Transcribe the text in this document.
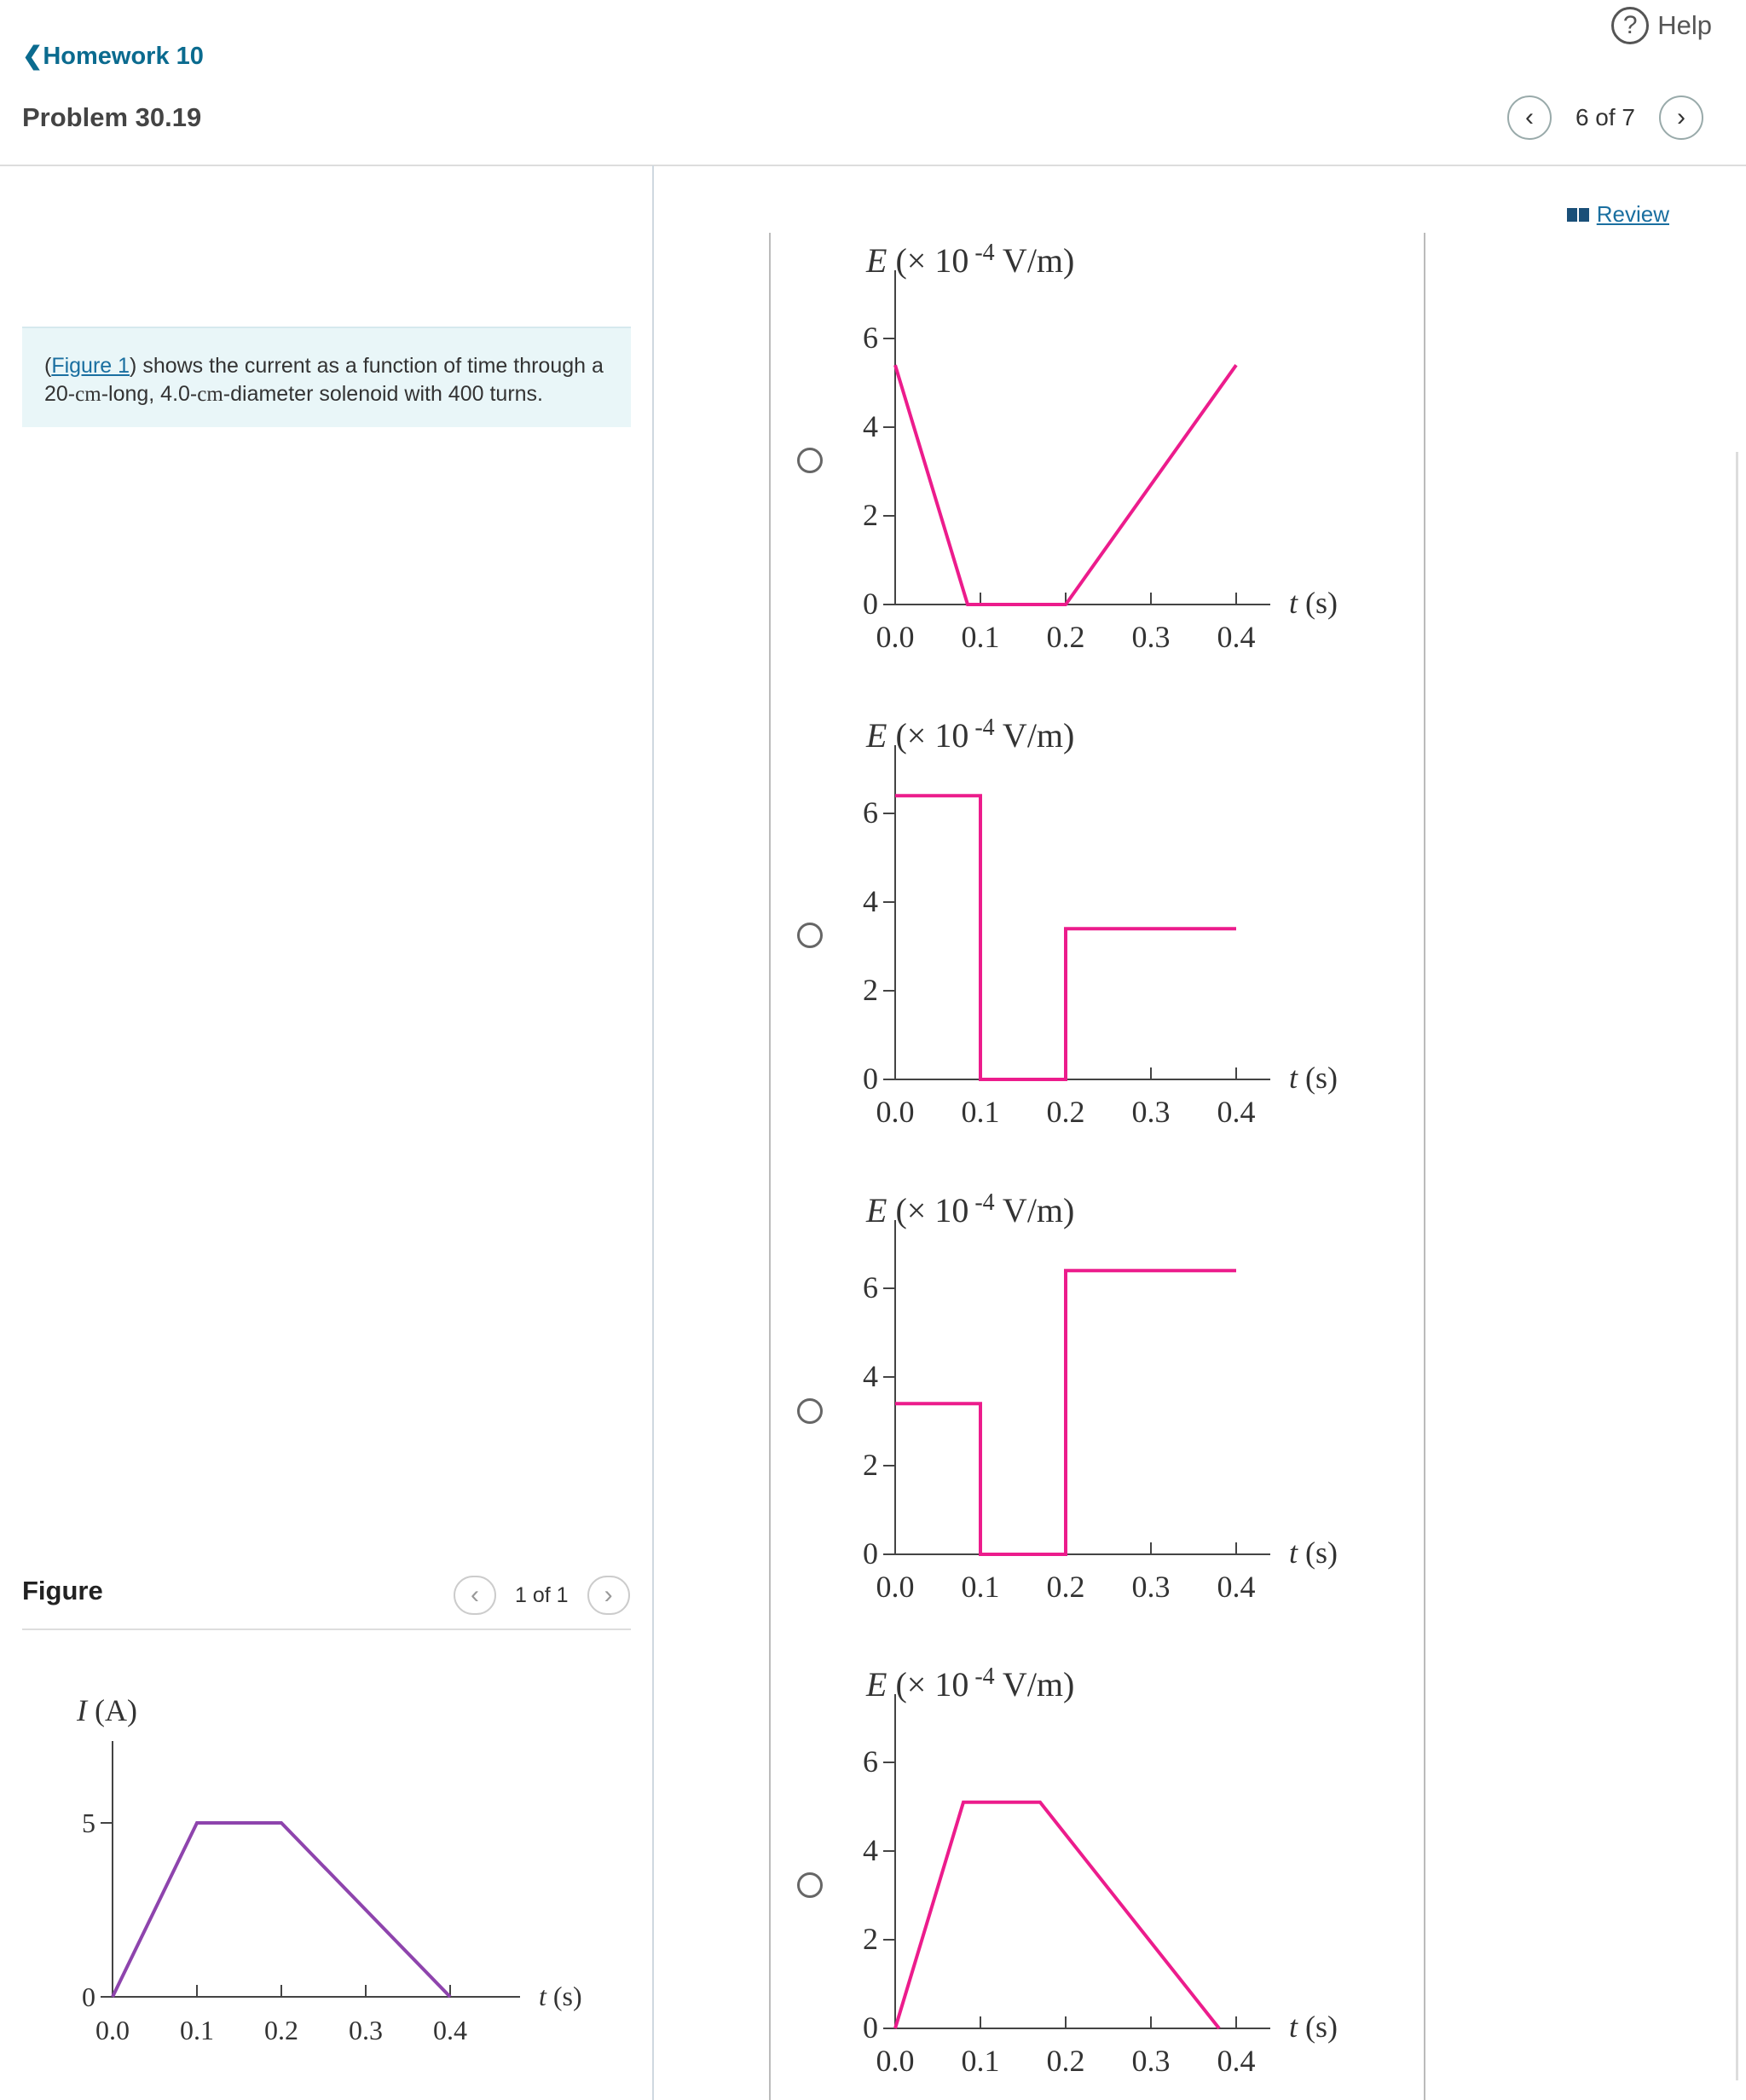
? Help
❮Homework 10
Problem 30.19	‹ 6 of 7 ›
Review
(Figure 1) shows the current as a function of time through a 20-cm-long, 4.0-cm-diameter solenoid with 400 turns.
Figure	‹ 1 of 1 ›
0
5
0.0 0.1 0.2 0.3 0.4
t (s)
I (A)
0
2
4
6
0.0 0.1 0.2 0.3 0.4
t (s)
E (× 10 $^{-4}$ V/m)
0
2
4
6
0.0 0.1 0.2 0.3 0.4
t (s)
E (× 10 $^{-4}$ V/m)
0
2
4
6
0.0 0.1 0.2 0.3 0.4
t (s)
E (× 10 $^{-4}$ V/m)
0
2
4
6
0.0 0.1 0.2 0.3 0.4
t (s)
E (× 10 $^{-4}$ V/m)
